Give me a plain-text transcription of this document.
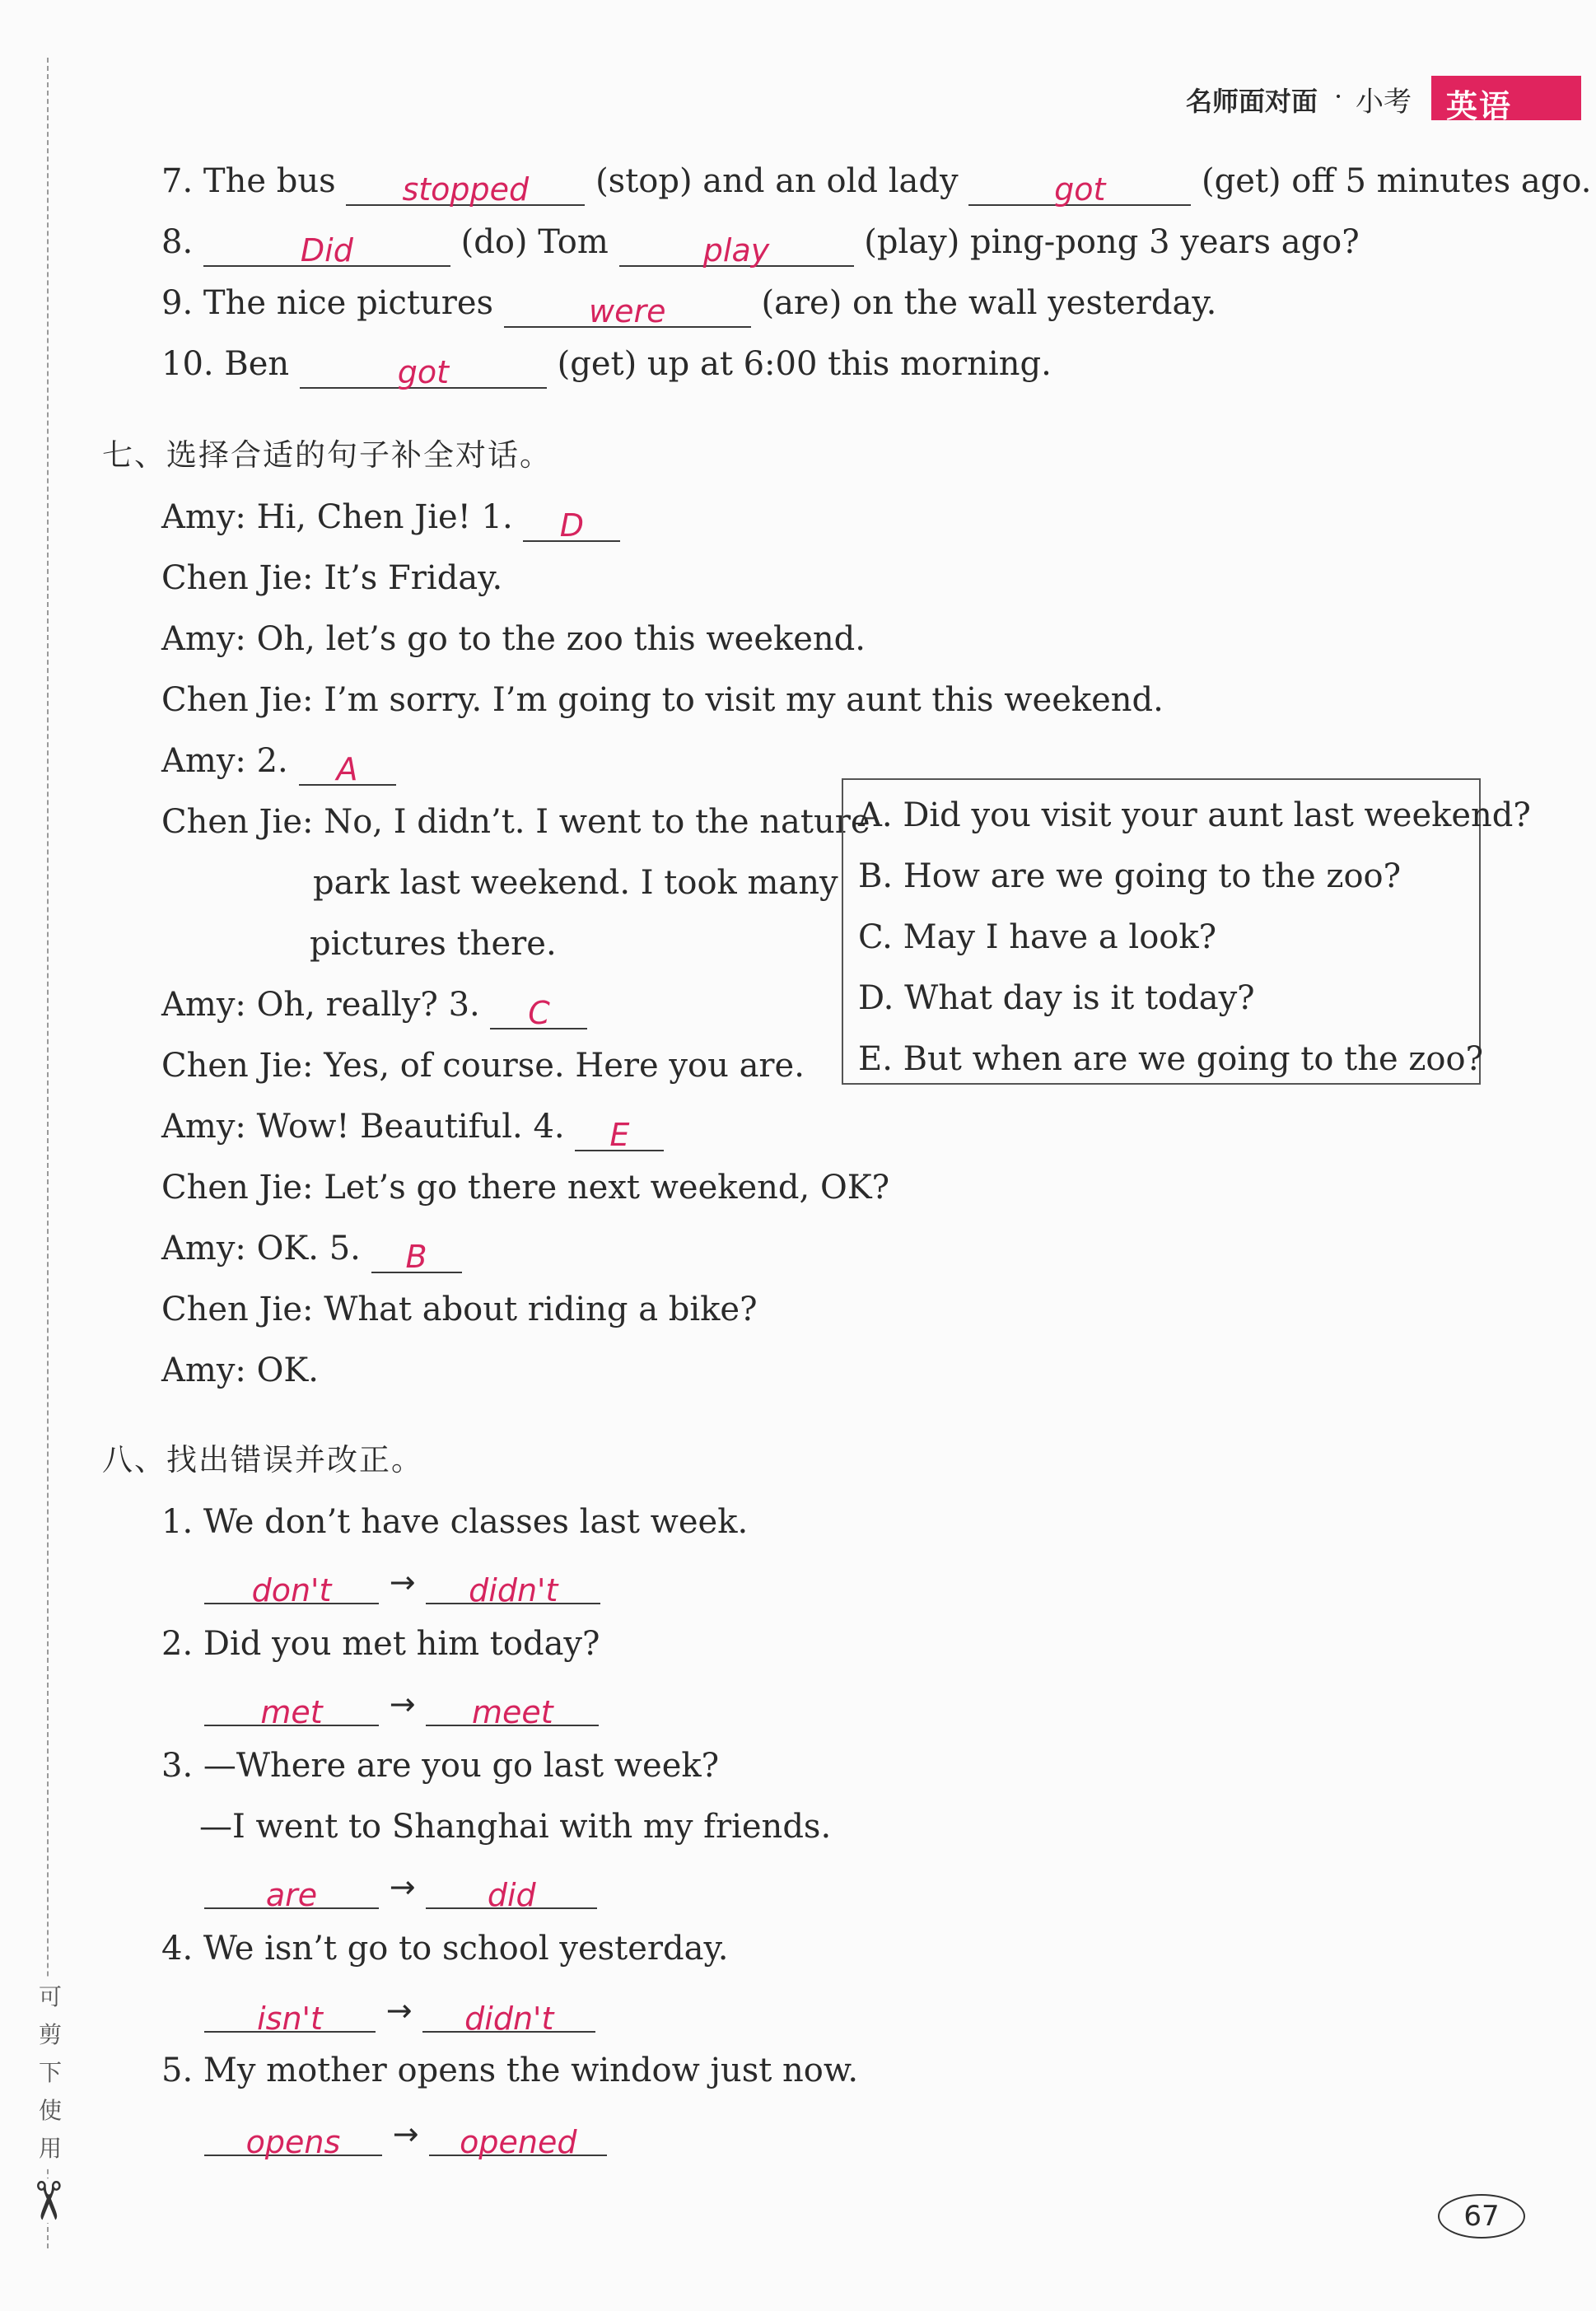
名师面对面 · 小考 英语
可
剪
下
使
用
✂
7. The bus stopped (stop) and an old lady	got	(get) off 5 minutes ago.
8.	Did	(do) Tom	play	(play) ping-pong 3 years ago?
9. The nice pictures	were	(are) on the wall yesterday.
10. Ben	got	(get) up at 6:00 this morning.
七、选择合适的句子补全对话。
Amy: Hi, Chen Jie! 1. D
Chen Jie: It’s Friday.
Amy: Oh, let’s go to the zoo this weekend.
Chen Jie: I’m sorry. I’m going to visit my aunt this weekend.
Amy: 2. A
Chen Jie: No, I didn’t. I went to the nature
park last weekend. I took many
pictures there.
Amy: Oh, really? 3. C
Chen Jie: Yes, of course. Here you are.
Amy: Wow! Beautiful. 4. E
Chen Jie: Let’s go there next weekend, OK?
Amy: OK. 5. B
Chen Jie: What about riding a bike?
Amy: OK.
A. Did you visit your aunt last weekend?
B. How are we going to the zoo?
C. May I have a look?
D. What day is it today?
E. But when are we going to the zoo?
八、找出错误并改正。
1. We don’t have classes last week.
don't → didn't
2. Did you met him today?
met → meet
3. —Where are you go last week?
—I went to Shanghai with my friends.
are → did
4. We isn’t go to school yesterday.
isn't → didn't
5. My mother opens the window just now.
opens → opened
67
